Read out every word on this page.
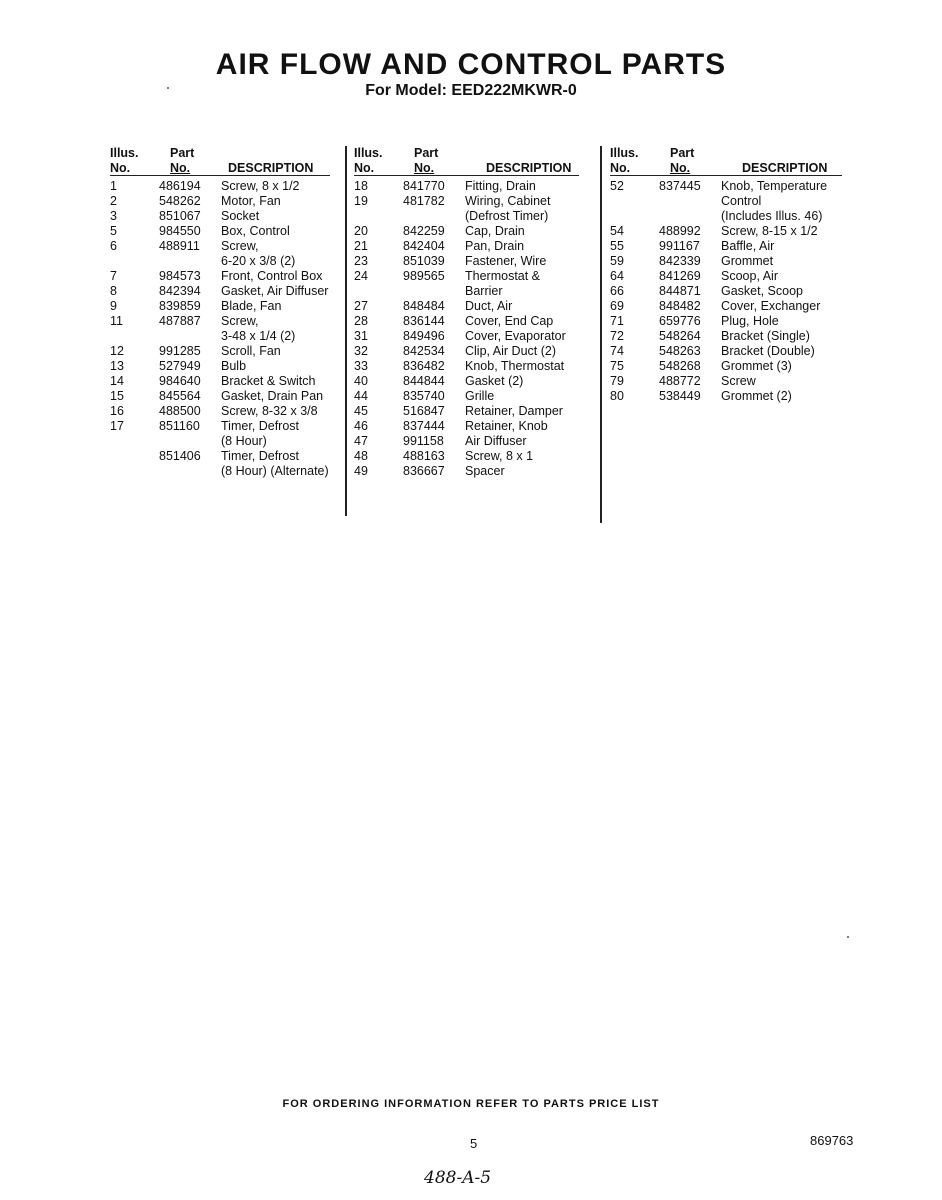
AIR FLOW AND CONTROL PARTS
For Model: EED222MKWR-0
Illus.
No.
Part
No.	DESCRIPTION
1	486194	Screw, 8 x 1/2
2	548262	Motor, Fan
3	851067	Socket
5	984550	Box, Control
6	488911	Screw,
6-20 x 3/8 (2)
7	984573	Front, Control Box
8	842394	Gasket, Air Diffuser
9	839859	Blade, Fan
11	487887	Screw,
3-48 x 1/4 (2)
12	991285	Scroll, Fan
13	527949	Bulb
14	984640	Bracket & Switch
15	845564	Gasket, Drain Pan
16	488500	Screw, 8-32 x 3/8
17	851160	Timer, Defrost
(8 Hour)
851406	Timer, Defrost
(8 Hour) (Alternate)
Illus.
No.
Part
No.	DESCRIPTION
18	841770	Fitting, Drain
19	481782	Wiring, Cabinet
(Defrost Timer)
20	842259	Cap, Drain
21	842404	Pan, Drain
23	851039	Fastener, Wire
24	989565	Thermostat &
Barrier
27	848484	Duct, Air
28	836144	Cover, End Cap
31	849496	Cover, Evaporator
32	842534	Clip, Air Duct (2)
33	836482	Knob, Thermostat
40	844844	Gasket (2)
44	835740	Grille
45	516847	Retainer, Damper
46	837444	Retainer, Knob
47	991158	Air Diffuser
48	488163	Screw, 8 x 1
49	836667	Spacer
Illus.
No.
Part
No.	DESCRIPTION
52	837445	Knob, Temperature
Control
(Includes Illus. 46)
54	488992	Screw, 8-15 x 1/2
55	991167	Baffle, Air
59	842339	Grommet
64	841269	Scoop, Air
66	844871	Gasket, Scoop
69	848482	Cover, Exchanger
71	659776	Plug, Hole
72	548264	Bracket (Single)
74	548263	Bracket (Double)
75	548268	Grommet (3)
79	488772	Screw
80	538449	Grommet (2)
FOR ORDERING INFORMATION REFER TO PARTS PRICE LIST
5	869763
488-A-5
